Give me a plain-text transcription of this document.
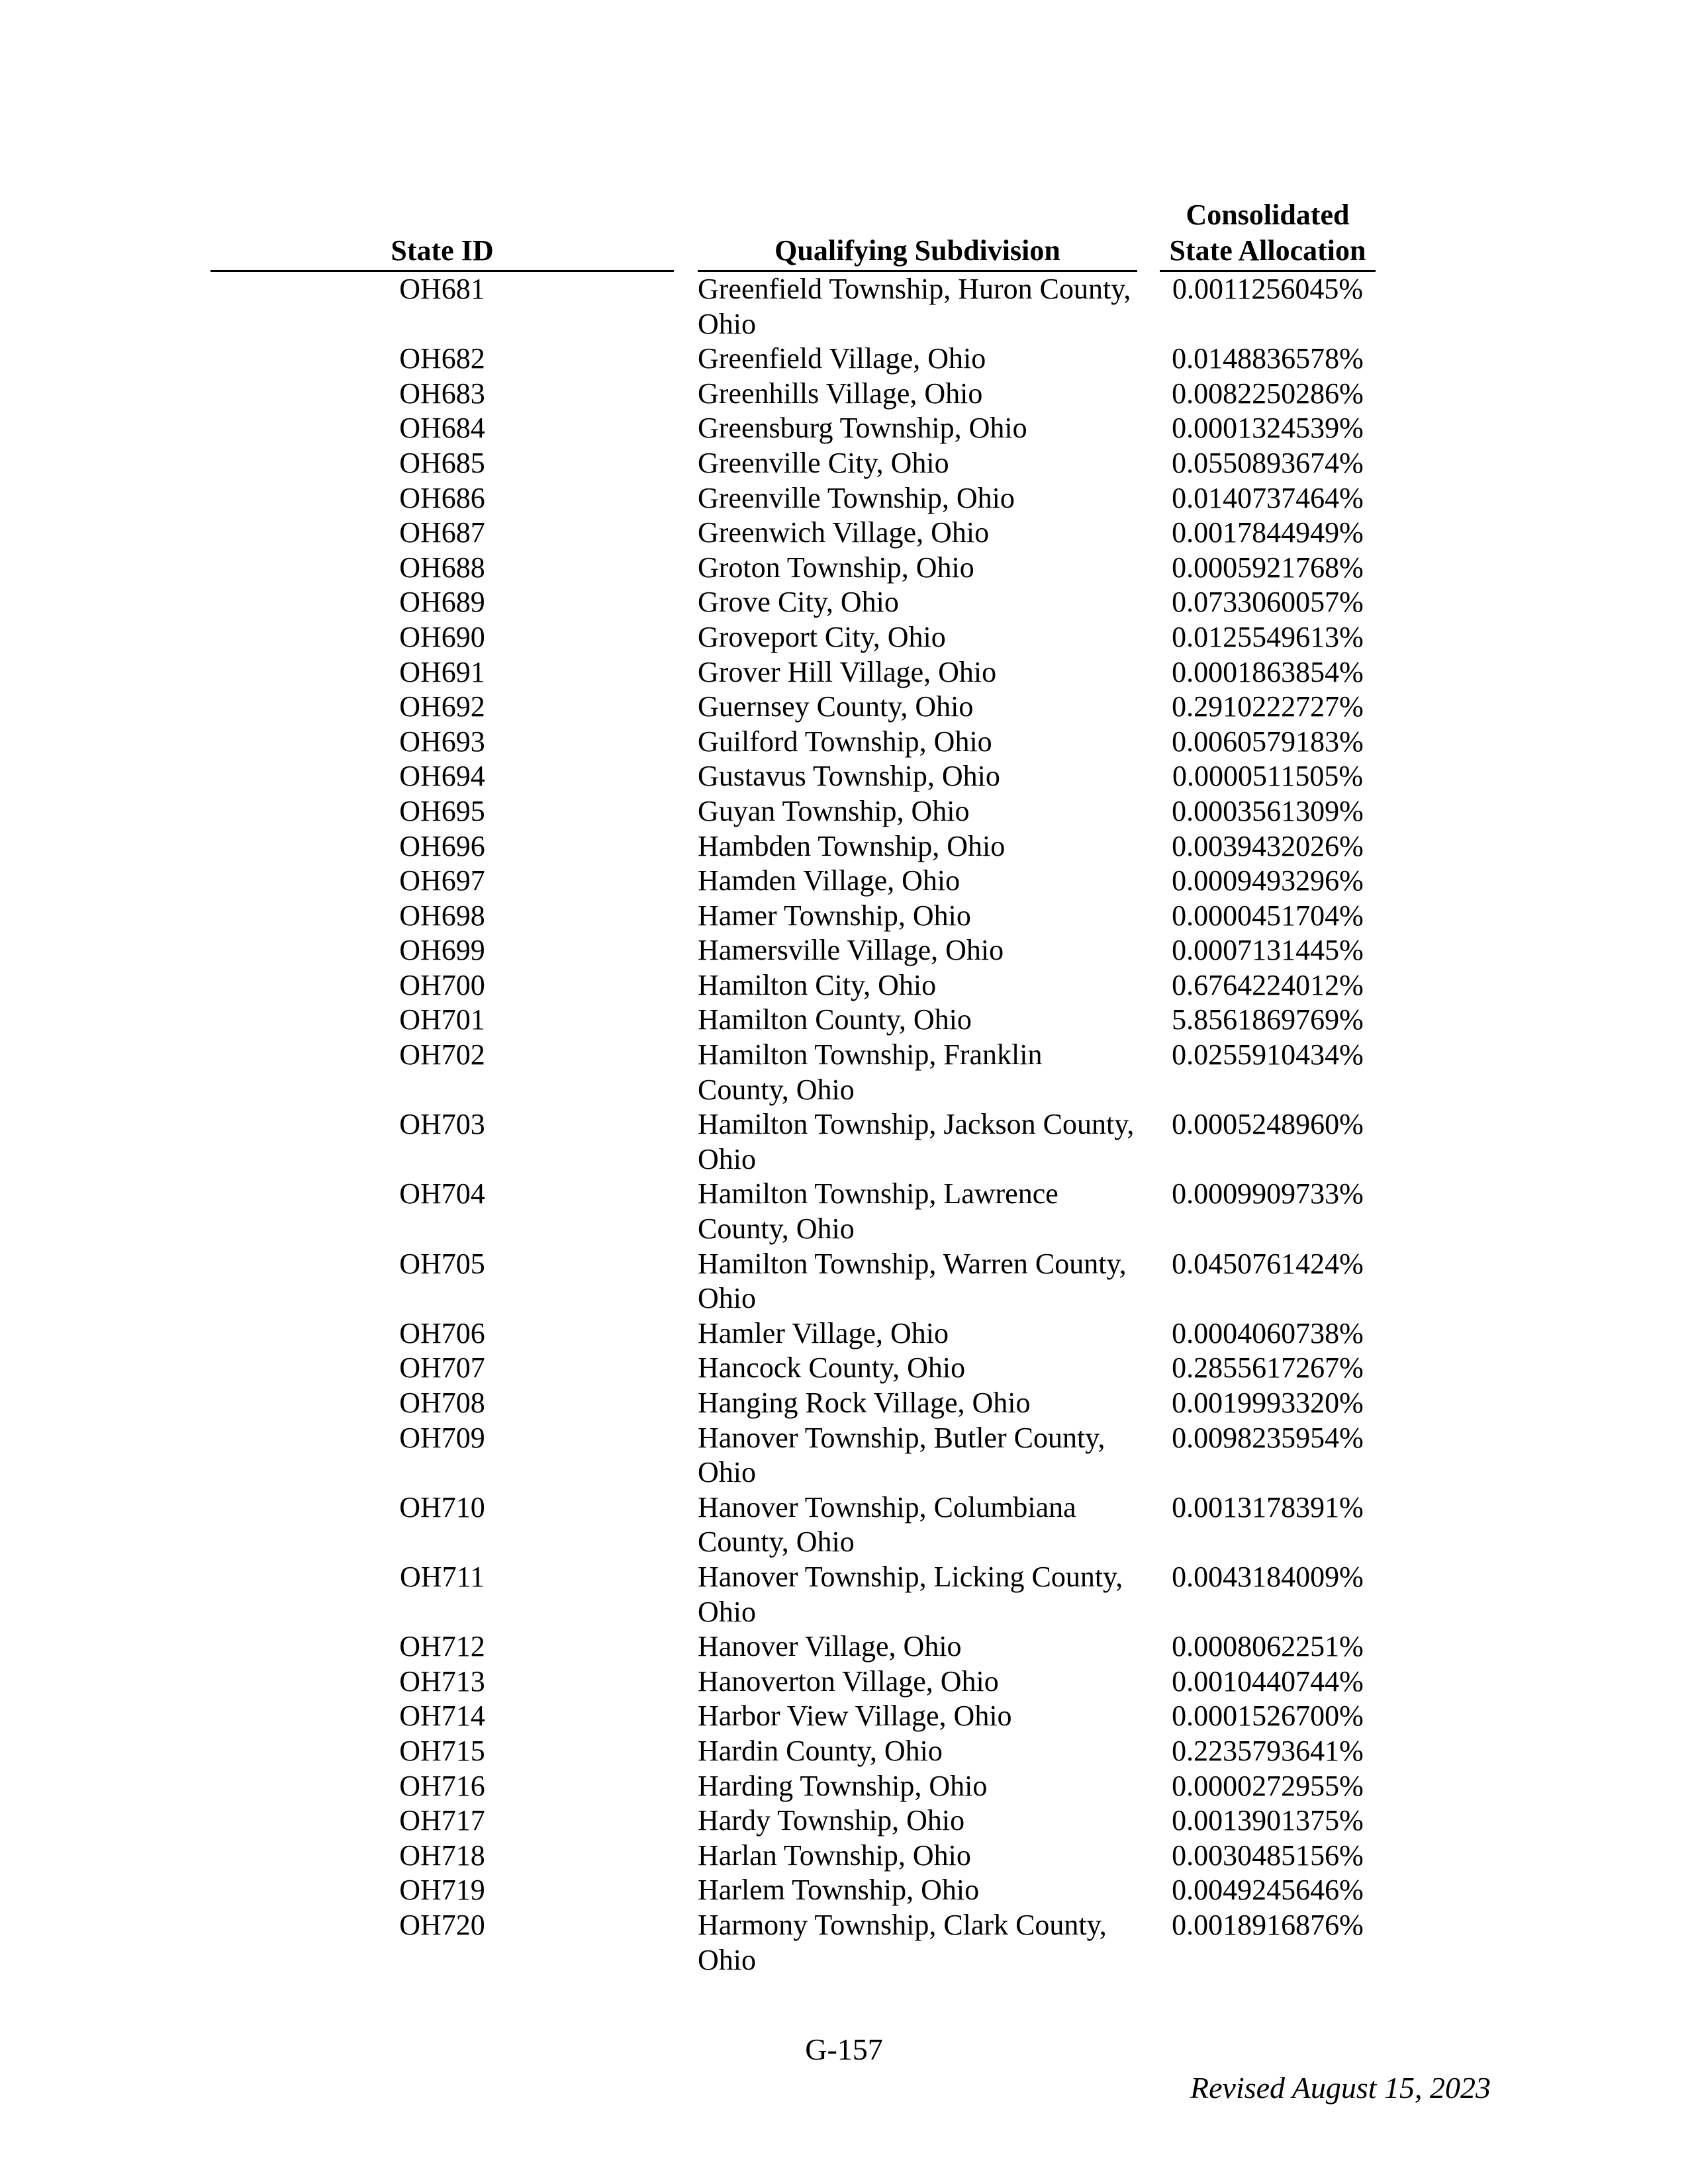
State ID		Qualifying Subdivision		Consolidated
State Allocation

OH681		Greenfield Township, Huron County, Ohio		0.0011256045%
OH682		Greenfield Village, Ohio		0.0148836578%
OH683		Greenhills Village, Ohio		0.0082250286%
OH684		Greensburg Township, Ohio		0.0001324539%
OH685		Greenville City, Ohio		0.0550893674%
OH686		Greenville Township, Ohio		0.0140737464%
OH687		Greenwich Village, Ohio		0.0017844949%
OH688		Groton Township, Ohio		0.0005921768%
OH689		Grove City, Ohio		0.0733060057%
OH690		Groveport City, Ohio		0.0125549613%
OH691		Grover Hill Village, Ohio		0.0001863854%
OH692		Guernsey County, Ohio		0.2910222727%
OH693		Guilford Township, Ohio		0.0060579183%
OH694		Gustavus Township, Ohio		0.0000511505%
OH695		Guyan Township, Ohio		0.0003561309%
OH696		Hambden Township, Ohio		0.0039432026%
OH697		Hamden Village, Ohio		0.0009493296%
OH698		Hamer Township, Ohio		0.0000451704%
OH699		Hamersville Village, Ohio		0.0007131445%
OH700		Hamilton City, Ohio		0.6764224012%
OH701		Hamilton County, Ohio		5.8561869769%
OH702		Hamilton Township, Franklin County, Ohio		0.0255910434%
OH703		Hamilton Township, Jackson County, Ohio		0.0005248960%
OH704		Hamilton Township, Lawrence County, Ohio		0.0009909733%
OH705		Hamilton Township, Warren County, Ohio		0.0450761424%
OH706		Hamler Village, Ohio		0.0004060738%
OH707		Hancock County, Ohio		0.2855617267%
OH708		Hanging Rock Village, Ohio		0.0019993320%
OH709		Hanover Township, Butler County, Ohio		0.0098235954%
OH710		Hanover Township, Columbiana County, Ohio		0.0013178391%
OH711		Hanover Township, Licking County, Ohio		0.0043184009%
OH712		Hanover Village, Ohio		0.0008062251%
OH713		Hanoverton Village, Ohio		0.0010440744%
OH714		Harbor View Village, Ohio		0.0001526700%
OH715		Hardin County, Ohio		0.2235793641%
OH716		Harding Township, Ohio		0.0000272955%
OH717		Hardy Township, Ohio		0.0013901375%
OH718		Harlan Township, Ohio		0.0030485156%
OH719		Harlem Township, Ohio		0.0049245646%
OH720		Harmony Township, Clark County, Ohio		0.0018916876%
G-157
Revised August 15, 2023
